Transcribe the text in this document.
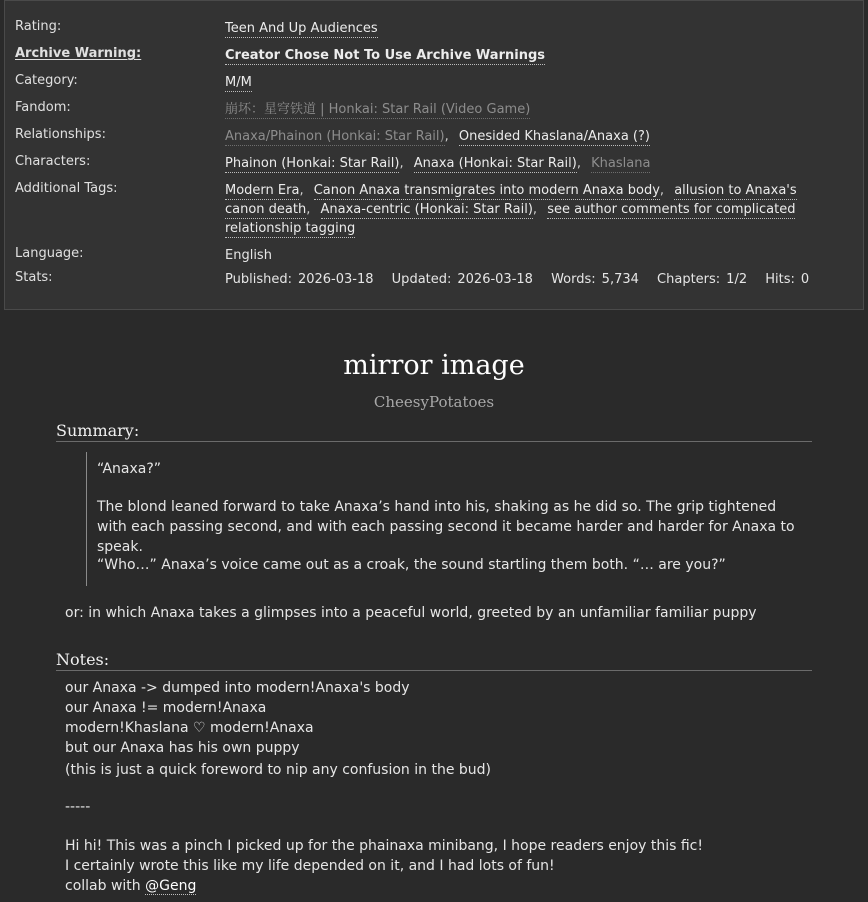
Rating:	Teen And Up Audiences
Archive Warning:	Creator Chose Not To Use Archive Warnings
Category:	M/M
Fandom:	崩坏：星穹铁道 | Honkai: Star Rail (Video Game)
Relationships:	Anaxa/Phainon (Honkai: Star Rail), Onesided Khaslana/Anaxa (?)
Characters:	Phainon (Honkai: Star Rail), Anaxa (Honkai: Star Rail), Khaslana
Additional Tags:	Modern Era, Canon Anaxa transmigrates into modern Anaxa body, allusion to Anaxa's canon death, Anaxa-centric (Honkai: Star Rail), see author comments for complicated relationship tagging
Language:	English
Stats:	Published: 2026-03-18 Updated: 2026-03-18 Words: 5,734 Chapters: 1/2 Hits: 0
mirror image
CheesyPotatoes
Summary:
“Anaxa?”
The blond leaned forward to take Anaxa’s hand into his, shaking as he did so. The grip tightened with each passing second, and with each passing second it became harder and harder for Anaxa to speak.
“Who…” Anaxa’s voice came out as a croak, the sound startling them both. “… are you?”
or: in which Anaxa takes a glimpses into a peaceful world, greeted by an unfamiliar familiar puppy
Notes:
our Anaxa -> dumped into modern!Anaxa's body
our Anaxa != modern!Anaxa
modern!Khaslana ♡ modern!Anaxa
but our Anaxa has his own puppy
(this is just a quick foreword to nip any confusion in the bud)
-----
Hi hi! This was a pinch I picked up for the phainaxa minibang, I hope readers enjoy this fic!
I certainly wrote this like my life depended on it, and I had lots of fun!
collab with @Geng
